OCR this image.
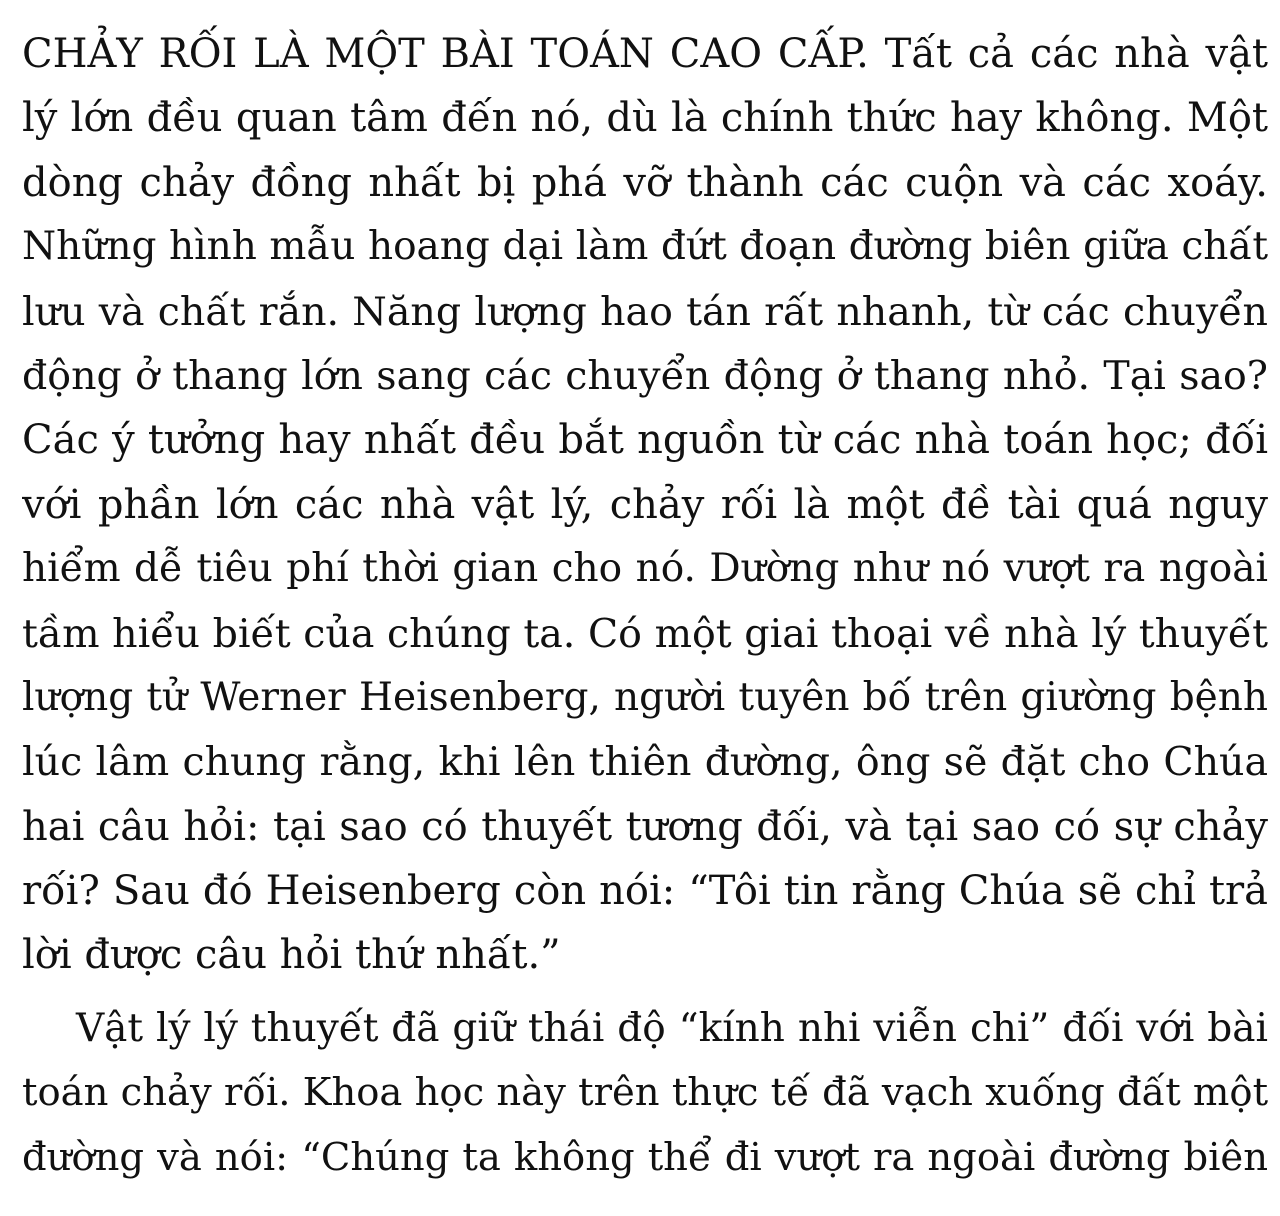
CHẢY RỐI LÀ MỘT BÀI TOÁN CAO CẤP. Tất cả các nhà vật
lý lớn đều quan tâm đến nó, dù là chính thức hay không. Một
dòng chảy đồng nhất bị phá vỡ thành các cuộn và các xoáy.
Những hình mẫu hoang dại làm đứt đoạn đường biên giữa chất
lưu và chất rắn. Năng lượng hao tán rất nhanh, từ các chuyển
động ở thang lớn sang các chuyển động ở thang nhỏ. Tại sao?
Các ý tưởng hay nhất đều bắt nguồn từ các nhà toán học; đối
với phần lớn các nhà vật lý, chảy rối là một đề tài quá nguy
hiểm dễ tiêu phí thời gian cho nó. Dường như nó vượt ra ngoài
tầm hiểu biết của chúng ta. Có một giai thoại về nhà lý thuyết
lượng tử Werner Heisenberg, người tuyên bố trên giường bệnh
lúc lâm chung rằng, khi lên thiên đường, ông sẽ đặt cho Chúa
hai câu hỏi: tại sao có thuyết tương đối, và tại sao có sự chảy
rối? Sau đó Heisenberg còn nói: “Tôi tin rằng Chúa sẽ chỉ trả
lời được câu hỏi thứ nhất.”
Vật lý lý thuyết đã giữ thái độ “kính nhi viễn chi” đối với bài
toán chảy rối. Khoa học này trên thực tế đã vạch xuống đất một
đường và nói: “Chúng ta không thể đi vượt ra ngoài đường biên
